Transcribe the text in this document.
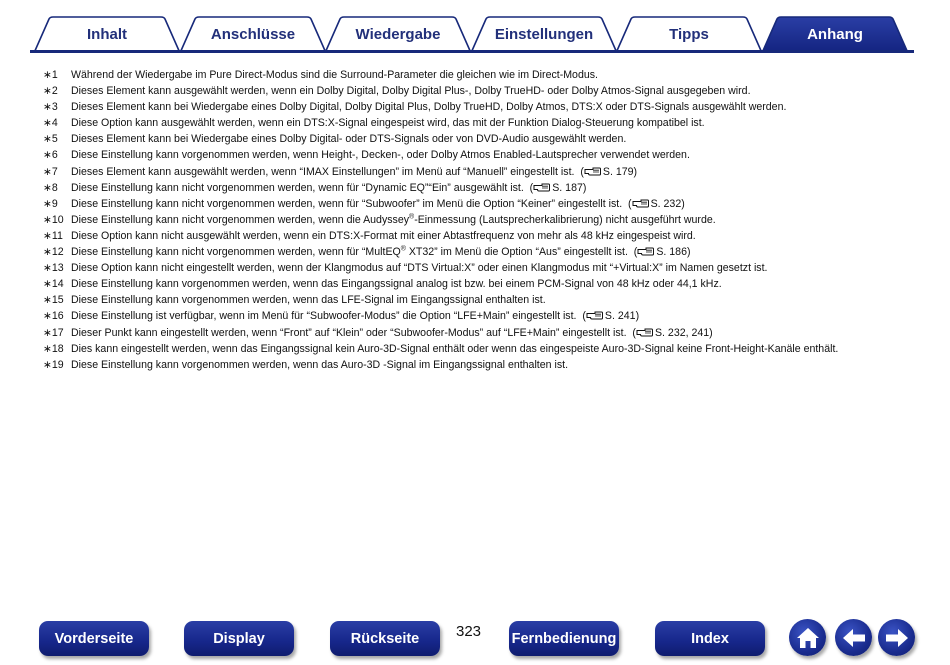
Inhalt	Anschlüsse	Wiedergabe	Einstellungen	Tipps	Anhang
∗1	Während der Wiedergabe im Pure Direct-Modus sind die Surround-Parameter die gleichen wie im Direct-Modus.
∗2	Dieses Element kann ausgewählt werden, wenn ein Dolby Digital, Dolby Digital Plus-, Dolby TrueHD- oder Dolby Atmos-Signal ausgegeben wird.
∗3	Dieses Element kann bei Wiedergabe eines Dolby Digital, Dolby Digital Plus, Dolby TrueHD, Dolby Atmos, DTS:X oder DTS-Signals ausgewählt werden.
∗4	Diese Option kann ausgewählt werden, wenn ein DTS:X-Signal eingespeist wird, das mit der Funktion Dialog-Steuerung kompatibel ist.
∗5	Dieses Element kann bei Wiedergabe eines Dolby Digital- oder DTS-Signals oder von DVD-Audio ausgewählt werden.
∗6	Diese Einstellung kann vorgenommen werden, wenn Height-, Decken-, oder Dolby Atmos Enabled-Lautsprecher verwendet werden.
∗7	Dieses Element kann ausgewählt werden, wenn “IMAX Einstellungen” im Menü auf “Manuell” eingestellt ist. ( S. 179)
∗8	Diese Einstellung kann nicht vorgenommen werden, wenn für “Dynamic EQ”“Ein” ausgewählt ist. ( S. 187)
∗9	Diese Einstellung kann nicht vorgenommen werden, wenn für “Subwoofer” im Menü die Option “Keiner” eingestellt ist. ( S. 232)
∗10 Diese Einstellung kann nicht vorgenommen werden, wenn die Audyssey®-Einmessung (Lautsprecherkalibrierung) nicht ausgeführt wurde.
∗11 Diese Option kann nicht ausgewählt werden, wenn ein DTS:X-Format mit einer Abtastfrequenz von mehr als 48 kHz eingespeist wird.
∗12 Diese Einstellung kann nicht vorgenommen werden, wenn für “MultEQ® XT32” im Menü die Option “Aus” eingestellt ist. ( S. 186)
∗13 Diese Option kann nicht eingestellt werden, wenn der Klangmodus auf “DTS Virtual:X” oder einen Klangmodus mit “+Virtual:X” im Namen gesetzt ist.
∗14 Diese Einstellung kann vorgenommen werden, wenn das Eingangssignal analog ist bzw. bei einem PCM-Signal von 48 kHz oder 44,1 kHz.
∗15 Diese Einstellung kann vorgenommen werden, wenn das LFE-Signal im Eingangssignal enthalten ist.
∗16 Diese Einstellung ist verfügbar, wenn im Menü für “Subwoofer-Modus” die Option “LFE+Main” eingestellt ist. ( S. 241)
∗17 Dieser Punkt kann eingestellt werden, wenn “Front” auf “Klein” oder “Subwoofer-Modus” auf “LFE+Main” eingestellt ist. ( S. 232, 241)
∗18 Dies kann eingestellt werden, wenn das Eingangssignal kein Auro-3D-Signal enthält oder wenn das eingespeiste Auro-3D-Signal keine Front-Height-Kanäle enthält.
∗19 Diese Einstellung kann vorgenommen werden, wenn das Auro-3D -Signal im Eingangssignal enthalten ist.
Vorderseite	Display	Rückseite 323 Fernbedienung	Index
